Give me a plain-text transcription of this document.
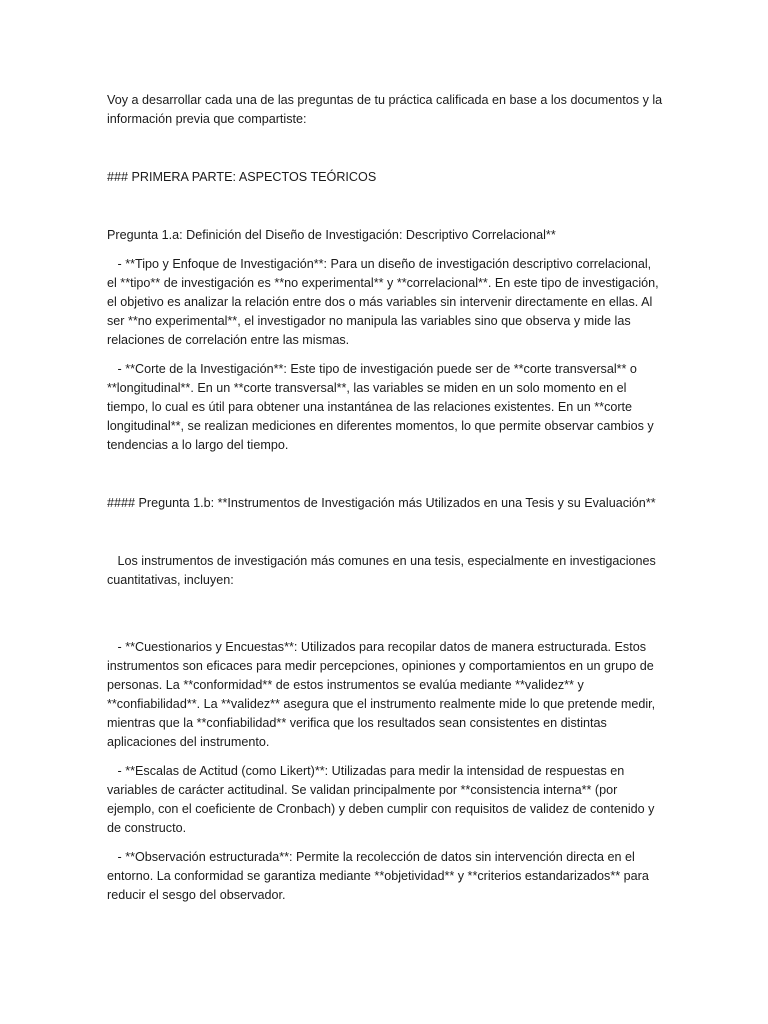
Voy a desarrollar cada una de las preguntas de tu práctica calificada en base a los documentos y la información previa que compartiste:

### PRIMERA PARTE: ASPECTOS TEÓRICOS

Pregunta 1.a: Definición del Diseño de Investigación: Descriptivo Correlacional**

- **Tipo y Enfoque de Investigación**: Para un diseño de investigación descriptivo correlacional, el **tipo** de investigación es **no experimental** y **correlacional**. En este tipo de investigación, el objetivo es analizar la relación entre dos o más variables sin intervenir directamente en ellas. Al ser **no experimental**, el investigador no manipula las variables sino que observa y mide las relaciones de correlación entre las mismas.

- **Corte de la Investigación**: Este tipo de investigación puede ser de **corte transversal** o **longitudinal**. En un **corte transversal**, las variables se miden en un solo momento en el tiempo, lo cual es útil para obtener una instantánea de las relaciones existentes. En un **corte longitudinal**, se realizan mediciones en diferentes momentos, lo que permite observar cambios y tendencias a lo largo del tiempo.

#### Pregunta 1.b: **Instrumentos de Investigación más Utilizados en una Tesis y su Evaluación**

Los instrumentos de investigación más comunes en una tesis, especialmente en investigaciones cuantitativas, incluyen:

- **Cuestionarios y Encuestas**: Utilizados para recopilar datos de manera estructurada. Estos instrumentos son eficaces para medir percepciones, opiniones y comportamientos en un grupo de personas. La **conformidad** de estos instrumentos se evalúa mediante **validez** y **confiabilidad**. La **validez** asegura que el instrumento realmente mide lo que pretende medir, mientras que la **confiabilidad** verifica que los resultados sean consistentes en distintas aplicaciones del instrumento.

- **Escalas de Actitud (como Likert)**: Utilizadas para medir la intensidad de respuestas en variables de carácter actitudinal. Se validan principalmente por **consistencia interna** (por ejemplo, con el coeficiente de Cronbach) y deben cumplir con requisitos de validez de contenido y de constructo.

- **Observación estructurada**: Permite la recolección de datos sin intervención directa en el entorno. La conformidad se garantiza mediante **objetividad** y **criterios estandarizados** para reducir el sesgo del observador.
